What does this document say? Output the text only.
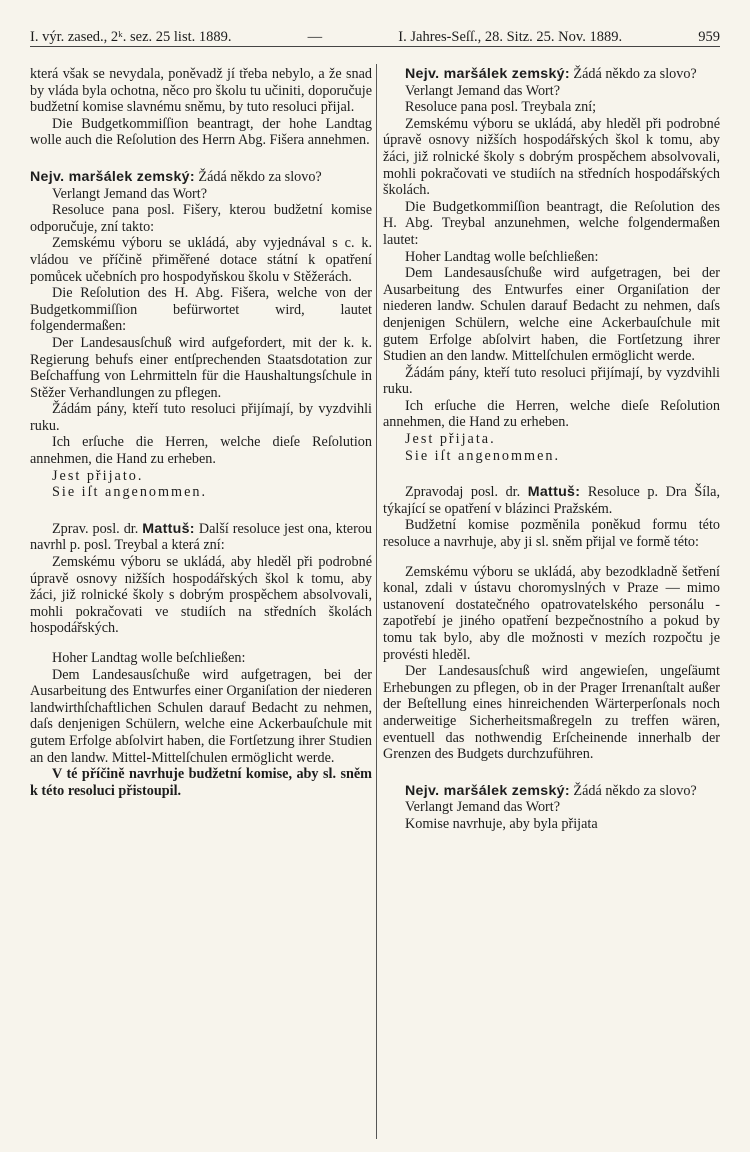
I. výr. zased., 2ᵏ. sez. 25 list. 1889.	—	I. Jahres-Seſſ., 28. Sitz. 25. Nov. 1889.	959

která však se nevydala, poněvadž jí třeba nebylo, a že snad by vláda byla ochotna, něco pro školu tu učiniti, doporučuje budžetní komise slavnému sněmu, by tuto resoluci přijal.

Die Budgetkommiſſion beantragt, der hohe Landtag wolle auch die Reſolution des Herrn Abg. Fišera annehmen.

Nejv. maršálek zemský: Žádá někdo za slovo?

Verlangt Jemand das Wort?

Resoluce pana posl. Fišery, kterou budžetní komise odporučuje, zní takto:

Zemskému výboru se ukládá, aby vyjednával s c. k. vládou ve příčině přiměřené dotace státní k opatření pomůcek učebních pro hospodyňskou školu v Stěžerách.

Die Reſolution des H. Abg. Fišera, welche von der Budgetkommiſſion befürwortet wird, lautet folgendermaßen:

Der Landesausſchuß wird aufgefordert, mit der k. k. Regierung behufs einer entſprechenden Staatsdotation zur Beſchaffung von Lehrmitteln für die Haushaltungsſchule in Stěžer Verhandlungen zu pflegen.

Žádám pány, kteří tuto resoluci přijímají, by vyzdvihli ruku.

Ich erſuche die Herren, welche dieſe Reſolution annehmen, die Hand zu erheben.

Jest přijato.

Sie iſt angenommen.

Zprav. posl. dr. Mattuš: Další resoluce jest ona, kterou navrhl p. posl. Treybal a která zní:

Zemskému výboru se ukládá, aby hleděl při podrobné úpravě osnovy nižších hospodářských škol k tomu, aby žáci, již rolnické školy s dobrým prospěchem absolvovali, mohli pokračovati ve studiích na středních školách hospodářských.

Hoher Landtag wolle beſchließen:

Dem Landesausſchuße wird aufgetragen, bei der Ausarbeitung des Entwurfes einer Organiſation der niederen landwirthſchaftlichen Schulen darauf Bedacht zu nehmen, daſs denjenigen Schülern, welche eine Ackerbauſchule mit gutem Erfolge abſolvirt haben, die Fortſetzung ihrer Studien an den landw. Mittel-Mittelſchulen ermöglicht werde.

V té příčině navrhuje budžetní komise, aby sl. sněm k této resoluci přistoupil.

Nejv. maršálek zemský: Žádá někdo za slovo?

Verlangt Jemand das Wort?

Resoluce pana posl. Treybala zní;

Zemskému výboru se ukládá, aby hleděl při podrobné úpravě osnovy nižších hospodářských škol k tomu, aby žáci, již rolnické školy s dobrým prospěchem absolvovali, mohli pokračovati ve studiích na středních hospodářských školách.

Die Budgetkommiſſion beantragt, die Reſolution des H. Abg. Treybal anzunehmen, welche folgendermaßen lautet:

Hoher Landtag wolle beſchließen:

Dem Landesausſchuße wird aufgetragen, bei der Ausarbeitung des Entwurfes einer Organiſation der niederen landw. Schulen darauf Bedacht zu nehmen, daſs denjenigen Schülern, welche eine Ackerbauſchule mit gutem Erfolge abſolvirt haben, die Fortſetzung ihrer Studien an den landw. Mittelſchulen ermöglicht werde.

Žádám pány, kteří tuto resoluci přijímají, by vyzdvihli ruku.

Ich erſuche die Herren, welche dieſe Reſolution annehmen, die Hand zu erheben.

Jest přijata.

Sie iſt angenommen.

Zpravodaj posl. dr. Mattuš: Resoluce p. Dra Šíla, týkající se opatření v blázinci Pražském.

Budžetní komise pozměnila poněkud formu této resoluce a navrhuje, aby ji sl. sněm přijal ve formě této:

Zemskému výboru se ukládá, aby bezodkladně šetření konal, zdali v ústavu choromyslných v Praze — mimo ustanovení dostatečného opatrovatelského personálu - zapotřebí je jiného opatření bezpečnostního a pokud by tomu tak bylo, aby dle možnosti v mezích rozpočtu je provésti hleděl.

Der Landesausſchuß wird angewieſen, ungeſäumt Erhebungen zu pflegen, ob in der Prager Irrenanſtalt außer der Beſtellung eines hinreichenden Wärterperſonals noch anderweitige Sicherheitsmaßregeln zu treffen wären, eventuell das nothwendig Erſcheinende innerhalb der Grenzen des Budgets durchzuführen.

Nejv. maršálek zemský: Žádá někdo za slovo?

Verlangt Jemand das Wort?

Komise navrhuje, aby byla přijata
